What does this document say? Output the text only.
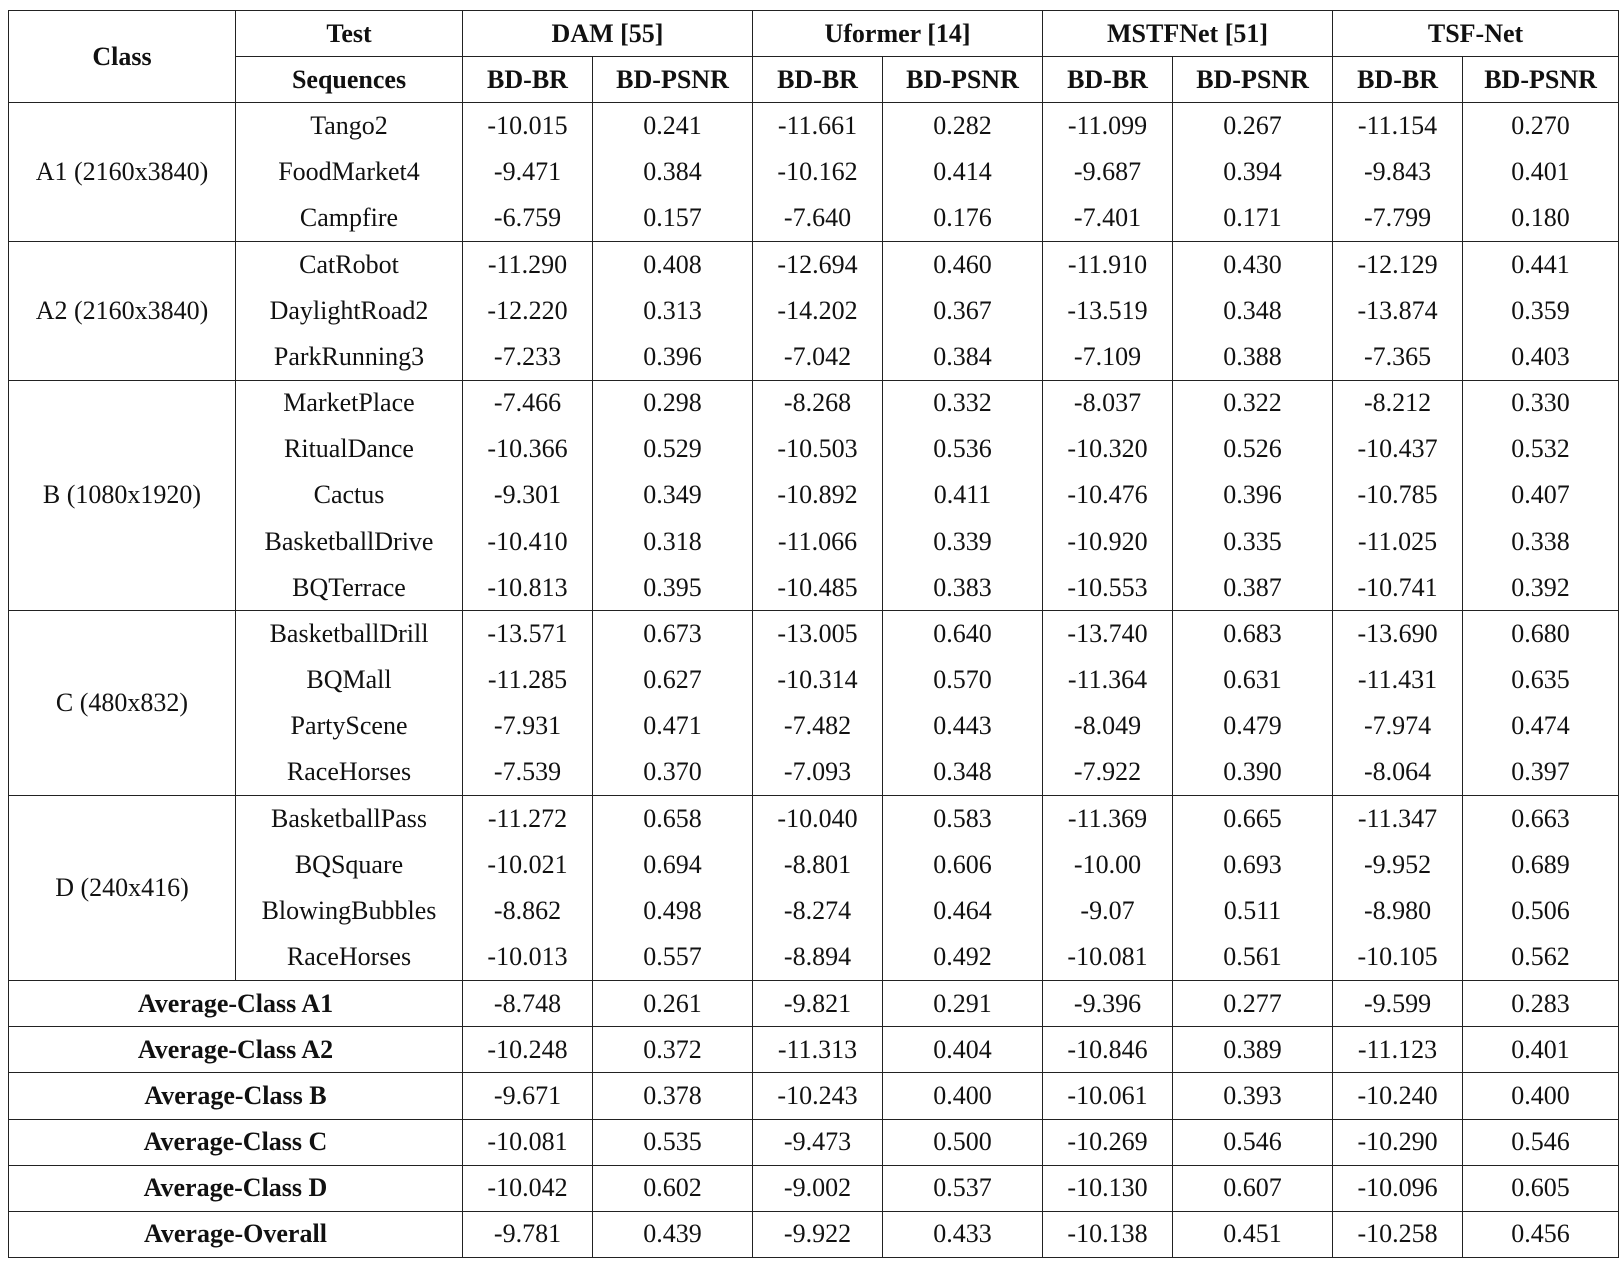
Class	Test	DAM [55]		Uformer [14]		MSTFNet [51]		TSF-Net	
	Sequences	BD-BR	BD-PSNR	BD-BR	BD-PSNR	BD-BR	BD-PSNR	BD-BR	BD-PSNR
A1 (2160x3840)	Tango2	-10.015	0.241	-11.661	0.282	-11.099	0.267	-11.154	0.270
	FoodMarket4	-9.471	0.384	-10.162	0.414	-9.687	0.394	-9.843	0.401
	Campfire	-6.759	0.157	-7.640	0.176	-7.401	0.171	-7.799	0.180
A2 (2160x3840)	CatRobot	-11.290	0.408	-12.694	0.460	-11.910	0.430	-12.129	0.441
	DaylightRoad2	-12.220	0.313	-14.202	0.367	-13.519	0.348	-13.874	0.359
	ParkRunning3	-7.233	0.396	-7.042	0.384	-7.109	0.388	-7.365	0.403
B (1080x1920)	MarketPlace	-7.466	0.298	-8.268	0.332	-8.037	0.322	-8.212	0.330
	RitualDance	-10.366	0.529	-10.503	0.536	-10.320	0.526	-10.437	0.532
	Cactus	-9.301	0.349	-10.892	0.411	-10.476	0.396	-10.785	0.407
	BasketballDrive	-10.410	0.318	-11.066	0.339	-10.920	0.335	-11.025	0.338
	BQTerrace	-10.813	0.395	-10.485	0.383	-10.553	0.387	-10.741	0.392
C (480x832)	BasketballDrill	-13.571	0.673	-13.005	0.640	-13.740	0.683	-13.690	0.680
	BQMall	-11.285	0.627	-10.314	0.570	-11.364	0.631	-11.431	0.635
	PartyScene	-7.931	0.471	-7.482	0.443	-8.049	0.479	-7.974	0.474
	RaceHorses	-7.539	0.370	-7.093	0.348	-7.922	0.390	-8.064	0.397
D (240x416)	BasketballPass	-11.272	0.658	-10.040	0.583	-11.369	0.665	-11.347	0.663
	BQSquare	-10.021	0.694	-8.801	0.606	-10.00	0.693	-9.952	0.689
	BlowingBubbles	-8.862	0.498	-8.274	0.464	-9.07	0.511	-8.980	0.506
	RaceHorses	-10.013	0.557	-8.894	0.492	-10.081	0.561	-10.105	0.562
Average-Class A1		-8.748	0.261	-9.821	0.291	-9.396	0.277	-9.599	0.283
Average-Class A2		-10.248	0.372	-11.313	0.404	-10.846	0.389	-11.123	0.401
Average-Class B		-9.671	0.378	-10.243	0.400	-10.061	0.393	-10.240	0.400
Average-Class C		-10.081	0.535	-9.473	0.500	-10.269	0.546	-10.290	0.546
Average-Class D		-10.042	0.602	-9.002	0.537	-10.130	0.607	-10.096	0.605
Average-Overall		-9.781	0.439	-9.922	0.433	-10.138	0.451	-10.258	0.456
